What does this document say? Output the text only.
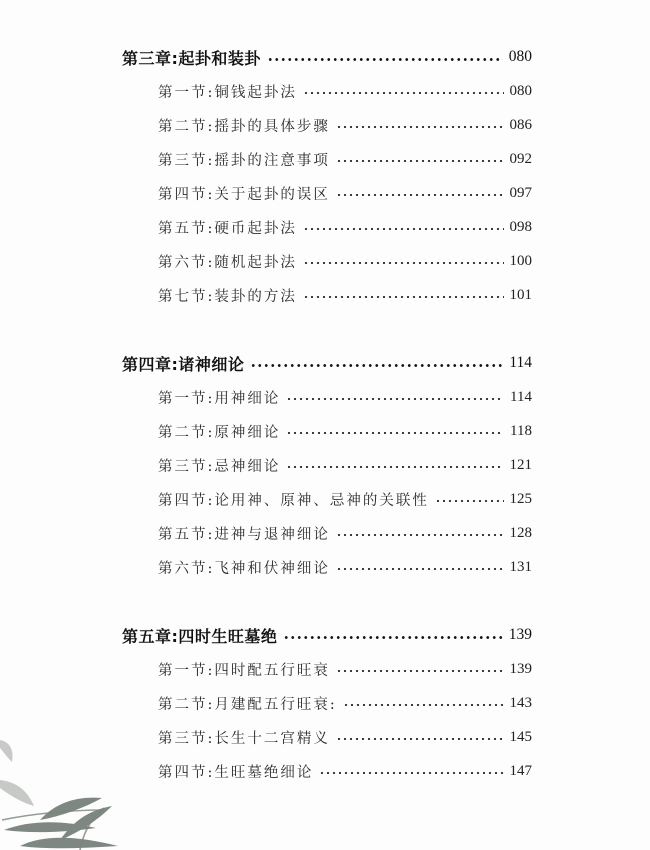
第三章:起卦和装卦	080
第一节:铜钱起卦法	080
第二节:摇卦的具体步骤	086
第三节:摇卦的注意事项	092
第四节:关于起卦的误区	097
第五节:硬币起卦法	098
第六节:随机起卦法	100
第七节:装卦的方法	101
第四章:诸神细论	114
第一节:用神细论	114
第二节:原神细论	118
第三节:忌神细论	121
第四节:论用神、原神、忌神的关联性	125
第五节:进神与退神细论	128
第六节:飞神和伏神细论	131
第五章:四时生旺墓绝	139
第一节:四时配五行旺衰	139
第二节:月建配五行旺衰:	143
第三节:长生十二宫精义	145
第四节:生旺墓绝细论	147
